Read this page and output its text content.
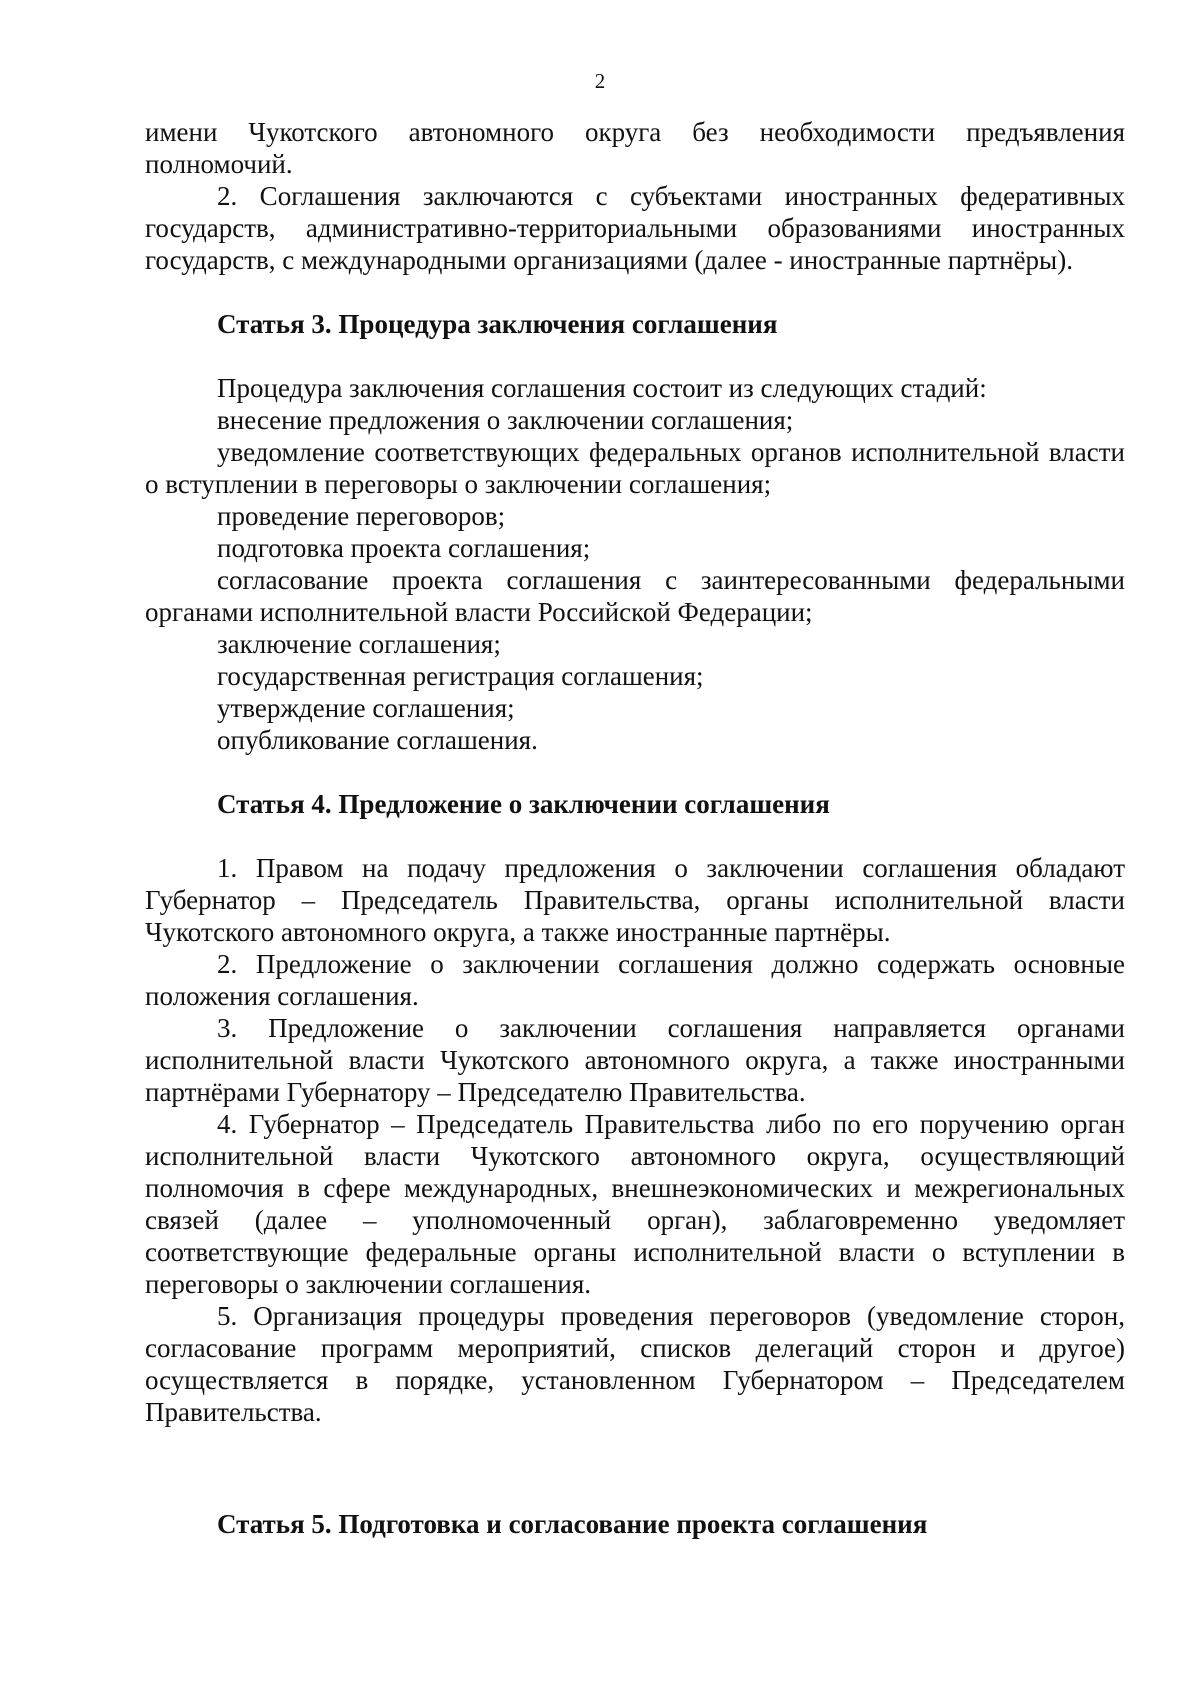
2

имени Чукотского автономного округа без необходимости предъявления полномочий.

2. Соглашения заключаются с субъектами иностранных федеративных государств, административно-территориальными образованиями иностранных государств, с международными организациями (далее - иностранные партнёры).

Статья 3. Процедура заключения соглашения

Процедура заключения соглашения состоит из следующих стадий:

внесение предложения о заключении соглашения;

уведомление соответствующих федеральных органов исполнительной власти о вступлении в переговоры о заключении соглашения;

проведение переговоров;

подготовка проекта соглашения;

согласование проекта соглашения с заинтересованными федеральными органами исполнительной власти Российской Федерации;

заключение соглашения;

государственная регистрация соглашения;

утверждение соглашения;

опубликование соглашения.

Статья 4. Предложение о заключении соглашения

1. Правом на подачу предложения о заключении соглашения обладают Губернатор – Председатель Правительства, органы исполнительной власти Чукотского автономного округа, а также иностранные партнёры.

2. Предложение о заключении соглашения должно содержать основные положения соглашения.

3. Предложение о заключении соглашения направляется органами исполнительной власти Чукотского автономного округа, а также иностранными партнёрами Губернатору – Председателю Правительства.

4. Губернатор – Председатель Правительства либо по его поручению орган исполнительной власти Чукотского автономного округа, осуществляющий полномочия в сфере международных, внешнеэкономических и межрегиональных связей (далее – уполномоченный орган), заблаговременно уведомляет соответствующие федеральные органы исполнительной власти о вступлении в переговоры о заключении соглашения.

5. Организация процедуры проведения переговоров (уведомление сторон, согласование программ мероприятий, списков делегаций сторон и другое) осуществляется в порядке, установленном Губернатором – Председателем Правительства.

Статья 5. Подготовка и согласование проекта соглашения
